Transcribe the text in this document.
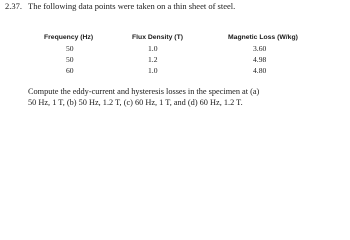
2.37. The following data points were taken on a thin sheet of steel.
Frequency (Hz)	Flux Density (T)	Magnetic Loss (W/kg)
50	1.0	3.60
50	1.2	4.98
60	1.0	4.80
Compute the eddy-current and hysteresis losses in the specimen at (a)
50 Hz, 1 T, (b) 50 Hz, 1.2 T, (c) 60 Hz, 1 T, and (d) 60 Hz, 1.2 T.
